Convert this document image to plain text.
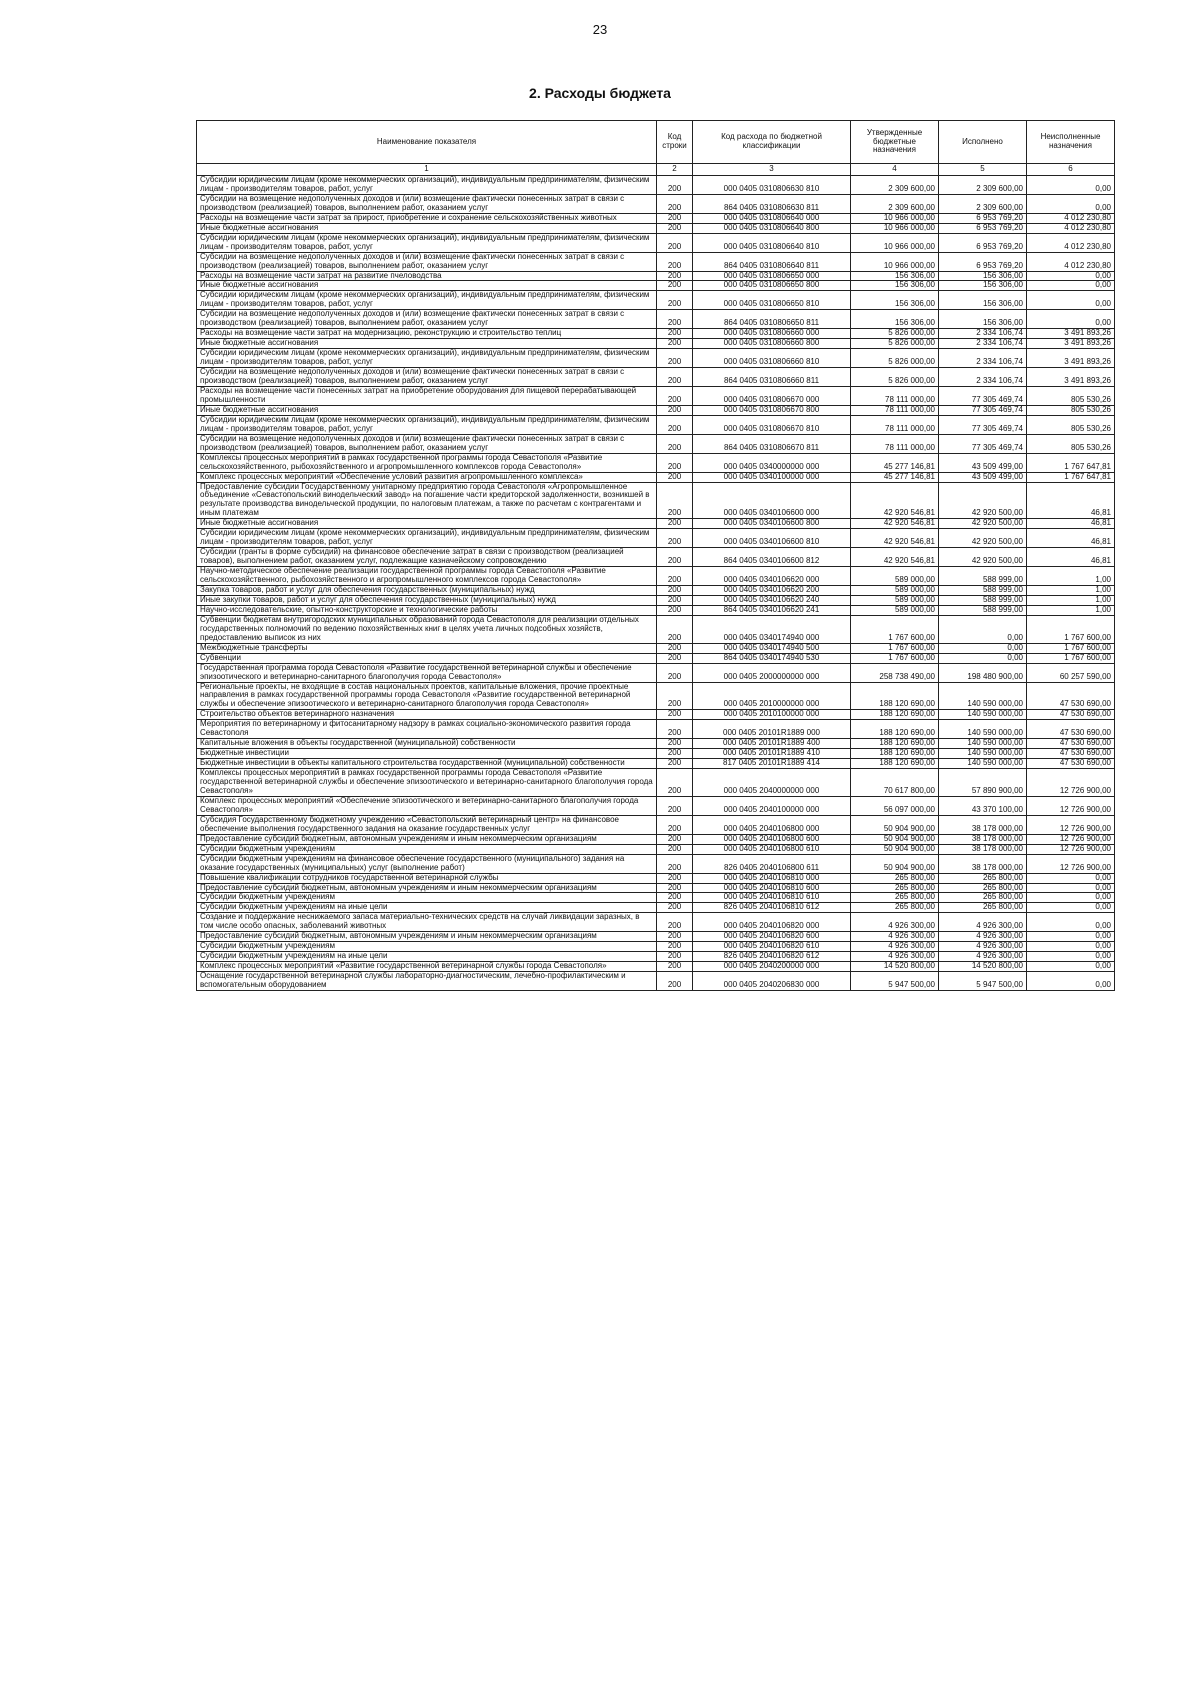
23
2. Расходы бюджета
Наименование показателя	Код строки	Код расхода по бюджетной классификации	Утвержденные бюджетные назначения	Исполнено	Неисполненные назначения
1	2	3	4	5	6
Субсидии юридическим лицам (кроме некоммерческих организаций), индивидуальным предпринимателям, физическим лицам - производителям товаров, работ, услуг	200	000 0405 0310806630 810	2 309 600,00	2 309 600,00	0,00
Субсидии на возмещение недополученных доходов и (или) возмещение фактически понесенных затрат в связи с производством (реализацией) товаров, выполнением работ, оказанием услуг	200	864 0405 0310806630 811	2 309 600,00	2 309 600,00	0,00
Расходы на возмещение части затрат за прирост, приобретение и сохранение сельскохозяйственных животных	200	000 0405 0310806640 000	10 966 000,00	6 953 769,20	4 012 230,80
Иные бюджетные ассигнования	200	000 0405 0310806640 800	10 966 000,00	6 953 769,20	4 012 230,80
Субсидии юридическим лицам (кроме некоммерческих организаций), индивидуальным предпринимателям, физическим лицам - производителям товаров, работ, услуг	200	000 0405 0310806640 810	10 966 000,00	6 953 769,20	4 012 230,80
Субсидии на возмещение недополученных доходов и (или) возмещение фактически понесенных затрат в связи с производством (реализацией) товаров, выполнением работ, оказанием услуг	200	864 0405 0310806640 811	10 966 000,00	6 953 769,20	4 012 230,80
Расходы на возмещение части затрат на развитие пчеловодства	200	000 0405 0310806650 000	156 306,00	156 306,00	0,00
Иные бюджетные ассигнования	200	000 0405 0310806650 800	156 306,00	156 306,00	0,00
Субсидии юридическим лицам (кроме некоммерческих организаций), индивидуальным предпринимателям, физическим лицам - производителям товаров, работ, услуг	200	000 0405 0310806650 810	156 306,00	156 306,00	0,00
Субсидии на возмещение недополученных доходов и (или) возмещение фактически понесенных затрат в связи с производством (реализацией) товаров, выполнением работ, оказанием услуг	200	864 0405 0310806650 811	156 306,00	156 306,00	0,00
Расходы на возмещение части затрат на модернизацию, реконструкцию и строительство теплиц	200	000 0405 0310806660 000	5 826 000,00	2 334 106,74	3 491 893,26
Иные бюджетные ассигнования	200	000 0405 0310806660 800	5 826 000,00	2 334 106,74	3 491 893,26
Субсидии юридическим лицам (кроме некоммерческих организаций), индивидуальным предпринимателям, физическим лицам - производителям товаров, работ, услуг	200	000 0405 0310806660 810	5 826 000,00	2 334 106,74	3 491 893,26
Субсидии на возмещение недополученных доходов и (или) возмещение фактически понесенных затрат в связи с производством (реализацией) товаров, выполнением работ, оказанием услуг	200	864 0405 0310806660 811	5 826 000,00	2 334 106,74	3 491 893,26
Расходы на возмещение части понесенных затрат на приобретение оборудования для пищевой перерабатывающей промышленности	200	000 0405 0310806670 000	78 111 000,00	77 305 469,74	805 530,26
Иные бюджетные ассигнования	200	000 0405 0310806670 800	78 111 000,00	77 305 469,74	805 530,26
Субсидии юридическим лицам (кроме некоммерческих организаций), индивидуальным предпринимателям, физическим лицам - производителям товаров, работ, услуг	200	000 0405 0310806670 810	78 111 000,00	77 305 469,74	805 530,26
Субсидии на возмещение недополученных доходов и (или) возмещение фактически понесенных затрат в связи с производством (реализацией) товаров, выполнением работ, оказанием услуг	200	864 0405 0310806670 811	78 111 000,00	77 305 469,74	805 530,26
Комплексы процессных мероприятий в рамках государственной программы города Севастополя «Развитие сельскохозяйственного, рыбохозяйственного и агропромышленного комплексов города Севастополя»	200	000 0405 0340000000 000	45 277 146,81	43 509 499,00	1 767 647,81
Комплекс процессных мероприятий «Обеспечение условий развития агропромышленного комплекса»	200	000 0405 0340100000 000	45 277 146,81	43 509 499,00	1 767 647,81
Предоставление субсидии Государственному унитарному предприятию города Севастополя «Агропромышленное объединение «Севастопольский винодельческий завод» на погашение части кредиторской задолженности, возникшей в результате производства винодельческой продукции, по налоговым платежам, а также по расчетам с контрагентами и иным платежам	200	000 0405 0340106600 000	42 920 546,81	42 920 500,00	46,81
Иные бюджетные ассигнования	200	000 0405 0340106600 800	42 920 546,81	42 920 500,00	46,81
Субсидии юридическим лицам (кроме некоммерческих организаций), индивидуальным предпринимателям, физическим лицам - производителям товаров, работ, услуг	200	000 0405 0340106600 810	42 920 546,81	42 920 500,00	46,81
Субсидии (гранты в форме субсидий) на финансовое обеспечение затрат в связи с производством (реализацией товаров), выполнением работ, оказанием услуг, подлежащие казначейскому сопровождению	200	864 0405 0340106600 812	42 920 546,81	42 920 500,00	46,81
Научно-методическое обеспечение реализации государственной программы города Севастополя «Развитие сельскохозяйственного, рыбохозяйственного и агропромышленного комплексов города Севастополя»	200	000 0405 0340106620 000	589 000,00	588 999,00	1,00
Закупка товаров, работ и услуг для обеспечения государственных (муниципальных) нужд	200	000 0405 0340106620 200	589 000,00	588 999,00	1,00
Иные закупки товаров, работ и услуг для обеспечения государственных (муниципальных) нужд	200	000 0405 0340106620 240	589 000,00	588 999,00	1,00
Научно-исследовательские, опытно-конструкторские и технологические работы	200	864 0405 0340106620 241	589 000,00	588 999,00	1,00
Субвенции бюджетам внутригородских муниципальных образований города Севастополя для реализации отдельных государственных полномочий по ведению похозяйственных книг в целях учета личных подсобных хозяйств, предоставлению выписок из них	200	000 0405 0340174940 000	1 767 600,00	0,00	1 767 600,00
Межбюджетные трансферты	200	000 0405 0340174940 500	1 767 600,00	0,00	1 767 600,00
Субвенции	200	864 0405 0340174940 530	1 767 600,00	0,00	1 767 600,00
Государственная программа города Севастополя «Развитие государственной ветеринарной службы и обеспечение эпизоотического и ветеринарно-санитарного благополучия города Севастополя»	200	000 0405 2000000000 000	258 738 490,00	198 480 900,00	60 257 590,00
Региональные проекты, не входящие в состав национальных проектов, капитальные вложения, прочие проектные направления в рамках государственной программы города Севастополя «Развитие государственной ветеринарной службы и обеспечение эпизоотического и ветеринарно-санитарного благополучия города Севастополя»	200	000 0405 2010000000 000	188 120 690,00	140 590 000,00	47 530 690,00
Строительство объектов ветеринарного назначения	200	000 0405 2010100000 000	188 120 690,00	140 590 000,00	47 530 690,00
Мероприятия по ветеринарному и фитосанитарному надзору в рамках социально-экономического развития города Севастополя	200	000 0405 20101R1889 000	188 120 690,00	140 590 000,00	47 530 690,00
Капитальные вложения в объекты государственной (муниципальной) собственности	200	000 0405 20101R1889 400	188 120 690,00	140 590 000,00	47 530 690,00
Бюджетные инвестиции	200	000 0405 20101R1889 410	188 120 690,00	140 590 000,00	47 530 690,00
Бюджетные инвестиции в объекты капитального строительства государственной (муниципальной) собственности	200	817 0405 20101R1889 414	188 120 690,00	140 590 000,00	47 530 690,00
Комплексы процессных мероприятий в рамках государственной программы города Севастополя «Развитие государственной ветеринарной службы и обеспечение эпизоотического и ветеринарно-санитарного благополучия города Севастополя»	200	000 0405 2040000000 000	70 617 800,00	57 890 900,00	12 726 900,00
Комплекс процессных мероприятий «Обеспечение эпизоотического и ветеринарно-санитарного благополучия города Севастополя»	200	000 0405 2040100000 000	56 097 000,00	43 370 100,00	12 726 900,00
Субсидия Государственному бюджетному учреждению «Севастопольский ветеринарный центр» на финансовое обеспечение выполнения государственного задания на оказание государственных услуг	200	000 0405 2040106800 000	50 904 900,00	38 178 000,00	12 726 900,00
Предоставление субсидий бюджетным, автономным учреждениям и иным некоммерческим организациям	200	000 0405 2040106800 600	50 904 900,00	38 178 000,00	12 726 900,00
Субсидии бюджетным учреждениям	200	000 0405 2040106800 610	50 904 900,00	38 178 000,00	12 726 900,00
Субсидии бюджетным учреждениям на финансовое обеспечение государственного (муниципального) задания на оказание государственных (муниципальных) услуг (выполнение работ)	200	826 0405 2040106800 611	50 904 900,00	38 178 000,00	12 726 900,00
Повышение квалификации сотрудников государственной ветеринарной службы	200	000 0405 2040106810 000	265 800,00	265 800,00	0,00
Предоставление субсидий бюджетным, автономным учреждениям и иным некоммерческим организациям	200	000 0405 2040106810 600	265 800,00	265 800,00	0,00
Субсидии бюджетным учреждениям	200	000 0405 2040106810 610	265 800,00	265 800,00	0,00
Субсидии бюджетным учреждениям на иные цели	200	826 0405 2040106810 612	265 800,00	265 800,00	0,00
Создание и поддержание неснижаемого запаса материально-технических средств на случай ликвидации заразных, в том числе особо опасных, заболеваний животных	200	000 0405 2040106820 000	4 926 300,00	4 926 300,00	0,00
Предоставление субсидий бюджетным, автономным учреждениям и иным некоммерческим организациям	200	000 0405 2040106820 600	4 926 300,00	4 926 300,00	0,00
Субсидии бюджетным учреждениям	200	000 0405 2040106820 610	4 926 300,00	4 926 300,00	0,00
Субсидии бюджетным учреждениям на иные цели	200	826 0405 2040106820 612	4 926 300,00	4 926 300,00	0,00
Комплекс процессных мероприятий «Развитие государственной ветеринарной службы города Севастополя»	200	000 0405 2040200000 000	14 520 800,00	14 520 800,00	0,00
Оснащение государственной ветеринарной службы лабораторно-диагностическим, лечебно-профилактическим и вспомогательным оборудованием	200	000 0405 2040206830 000	5 947 500,00	5 947 500,00	0,00
